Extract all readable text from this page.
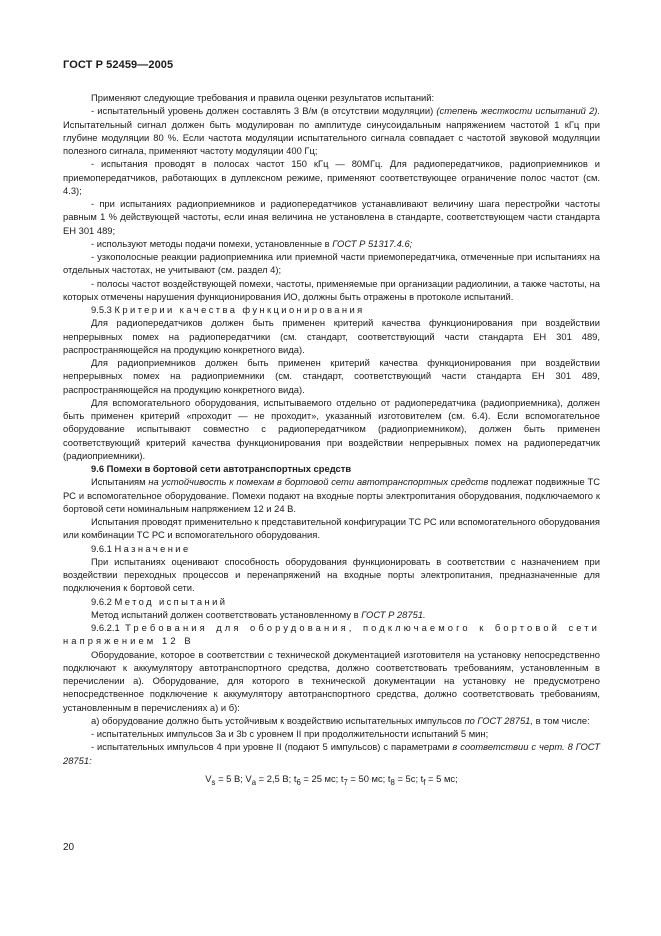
ГОСТ Р 52459—2005

Применяют следующие требования и правила оценки результатов испытаний:

- испытательный уровень должен составлять 3 В/м (в отсутствии модуляции) (степень жесткости испытаний 2). Испытательный сигнал должен быть модулирован по амплитуде синусоидальным напряжением частотой 1 кГц при глубине модуляции 80 %. Если частота модуляции испытательного сигнала совпадает с частотой звуковой модуляции полезного сигнала, применяют частоту модуляции 400 Гц;

- испытания проводят в полосах частот 150 кГц — 80МГц. Для радиопередатчиков, радиоприемников и приемопередатчиков, работающих в дуплексном режиме, применяют соответствующее ограничение полос частот (см. 4.3);

- при испытаниях радиоприемников и радиопередатчиков устанавливают величину шага перестройки частоты равным 1 % действующей частоты, если иная величина не установлена в стандарте, соответствующем части стандарта ЕН 301 489;

- используют методы подачи помехи, установленные в ГОСТ Р 51317.4.6;

- узкополосные реакции радиоприемника или приемной части приемопередатчика, отмеченные при испытаниях на отдельных частотах, не учитывают (см. раздел 4);

- полосы частот воздействующей помехи, частоты, применяемые при организации радиолинии, а также частоты, на которых отмечены нарушения функционирования ИО, должны быть отражены в протоколе испытаний.

9.5.3 Критерии качества функционирования

Для радиопередатчиков должен быть применен критерий качества функционирования при воздействии непрерывных помех на радиопередатчики (см. стандарт, соответствующий части стандарта ЕН 301 489, распространяющейся на продукцию конкретного вида).

Для радиоприемников должен быть применен критерий качества функционирования при воздействии непрерывных помех на радиоприемники (см. стандарт, соответствующий части стандарта ЕН 301 489, распространяющейся на продукцию конкретного вида).

Для вспомогательного оборудования, испытываемого отдельно от радиопередатчика (радиоприемника), должен быть применен критерий «проходит — не проходит», указанный изготовителем (см. 6.4). Если вспомогательное оборудование испытывают совместно с радиопередатчиком (радиоприемником), должен быть применен соответствующий критерий качества функционирования при воздействии непрерывных помех на радиопередатчик (радиоприемники).

9.6 Помехи в бортовой сети автотранспортных средств

Испытаниям на устойчивость к помехам в бортовой сети автотранспортных средств подлежат подвижные ТС РС и вспомогательное оборудование. Помехи подают на входные порты электропитания оборудования, подключаемого к бортовой сети номинальным напряжением 12 и 24 В.

Испытания проводят применительно к представительной конфигурации ТС РС или вспомогательного оборудования или комбинации ТС РС и вспомогательного оборудования.

9.6.1 Назначение

При испытаниях оценивают способность оборудования функционировать в соответствии с назначением при воздействии переходных процессов и перенапряжений на входные порты электропитания, предназначенные для подключения к бортовой сети.

9.6.2 Метод испытаний

Метод испытаний должен соответствовать установленному в ГОСТ Р 28751.

9.6.2.1 Требования для оборудования, подключаемого к бортовой сети напряжением 12 В

Оборудование, которое в соответствии с технической документацией изготовителя на установку непосредственно подключают к аккумулятору автотранспортного средства, должно соответствовать требованиям, установленным в перечислении а). Оборудование, для которого в технической документации на установку не предусмотрено непосредственное подключение к аккумулятору автотранспортного средства, должно соответствовать требованиям, установленным в перечислениях а) и б):

а) оборудование должно быть устойчивым к воздействию испытательных импульсов по ГОСТ 28751, в том числе:

- испытательных импульсов 3а и 3b с уровнем II при продолжительности испытаний 5 мин;

- испытательных импульсов 4 при уровне II (подают 5 импульсов) с параметрами в соответствии с черт. 8 ГОСТ 28751:

$V_s = 5$ В; $V_a = 2,5$ В; $t_6 = 25$ мс; $t_7 = 50$ мс; $t_8 = 5с$; $t_f = 5$ мс;

20
